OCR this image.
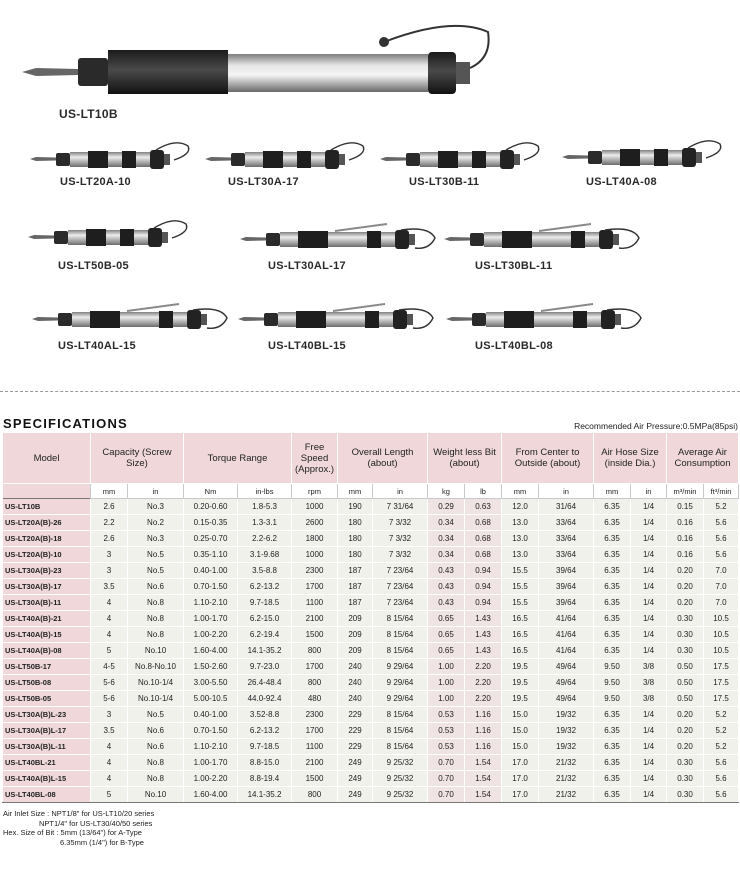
US-LT10B
US-LT20A-10	US-LT30A-17	US-LT30B-11	US-LT40A-08
US-LT50B-05	US-LT30AL-17	US-LT30BL-11
US-LT40AL-15	US-LT40BL-15	US-LT40BL-08
SPECIFICATIONS	Recommended Air Pressure:0.5MPa(85psi)
Model	Capacity (Screw Size)		Torque Range		Free Speed (Approx.)	Overall Length (about)		Weight less Bit (about)		From Center to Outside (about)		Air Hose Size (inside Dia.)		Average Air Consumption	
	mm	in	Nm	in-lbs	rpm	mm	in	kg	lb	mm	in	mm	in	m³/min	ft³/min
US-LT10B	2.6	No.3	0.20-0.60	1.8-5.3	1000	190	7 31/64	0.29	0.63	12.0	31/64	6.35	1/4	0.15	5.2
US-LT20A(B)-26	2.2	No.2	0.15-0.35	1.3-3.1	2600	180	7 3/32	0.34	0.68	13.0	33/64	6.35	1/4	0.16	5.6
US-LT20A(B)-18	2.6	No.3	0.25-0.70	2.2-6.2	1800	180	7 3/32	0.34	0.68	13.0	33/64	6.35	1/4	0.16	5.6
US-LT20A(B)-10	3	No.5	0.35-1.10	3.1-9.68	1000	180	7 3/32	0.34	0.68	13.0	33/64	6.35	1/4	0.16	5.6
US-LT30A(B)-23	3	No.5	0.40-1.00	3.5-8.8	2300	187	7 23/64	0.43	0.94	15.5	39/64	6.35	1/4	0.20	7.0
US-LT30A(B)-17	3.5	No.6	0.70-1.50	6.2-13.2	1700	187	7 23/64	0.43	0.94	15.5	39/64	6.35	1/4	0.20	7.0
US-LT30A(B)-11	4	No.8	1.10-2.10	9.7-18.5	1100	187	7 23/64	0.43	0.94	15.5	39/64	6.35	1/4	0.20	7.0
US-LT40A(B)-21	4	No.8	1.00-1.70	6.2-15.0	2100	209	8 15/64	0.65	1.43	16.5	41/64	6.35	1/4	0.30	10.5
US-LT40A(B)-15	4	No.8	1.00-2.20	6.2-19.4	1500	209	8 15/64	0.65	1.43	16.5	41/64	6.35	1/4	0.30	10.5
US-LT40A(B)-08	5	No.10	1.60-4.00	14.1-35.2	800	209	8 15/64	0.65	1.43	16.5	41/64	6.35	1/4	0.30	10.5
US-LT50B-17	4-5	No.8-No.10	1.50-2.60	9.7-23.0	1700	240	9 29/64	1.00	2.20	19.5	49/64	9.50	3/8	0.50	17.5
US-LT50B-08	5-6	No.10-1/4	3.00-5.50	26.4-48.4	800	240	9 29/64	1.00	2.20	19.5	49/64	9.50	3/8	0.50	17.5
US-LT50B-05	5-6	No.10-1/4	5.00-10.5	44.0-92.4	480	240	9 29/64	1.00	2.20	19.5	49/64	9.50	3/8	0.50	17.5
US-LT30A(B)L-23	3	No.5	0.40-1.00	3.52-8.8	2300	229	8 15/64	0.53	1.16	15.0	19/32	6.35	1/4	0.20	5.2
US-LT30A(B)L-17	3.5	No.6	0.70-1.50	6.2-13.2	1700	229	8 15/64	0.53	1.16	15.0	19/32	6.35	1/4	0.20	5.2
US-LT30A(B)L-11	4	No.6	1.10-2.10	9.7-18.5	1100	229	8 15/64	0.53	1.16	15.0	19/32	6.35	1/4	0.20	5.2
US-LT40BL-21	4	No.8	1.00-1.70	8.8-15.0	2100	249	9 25/32	0.70	1.54	17.0	21/32	6.35	1/4	0.30	5.6
US-LT40A(B)L-15	4	No.8	1.00-2.20	8.8-19.4	1500	249	9 25/32	0.70	1.54	17.0	21/32	6.35	1/4	0.30	5.6
US-LT40BL-08	5	No.10	1.60-4.00	14.1-35.2	800	249	9 25/32	0.70	1.54	17.0	21/32	6.35	1/4	0.30	5.6
Air Inlet Size : NPT1/8" for US-LT10/20 series
NPT1/4" for US-LT30/40/50 series
Hex. Size of Bit : 5mm (13/64") for A-Type
6.35mm (1/4") for B-Type
